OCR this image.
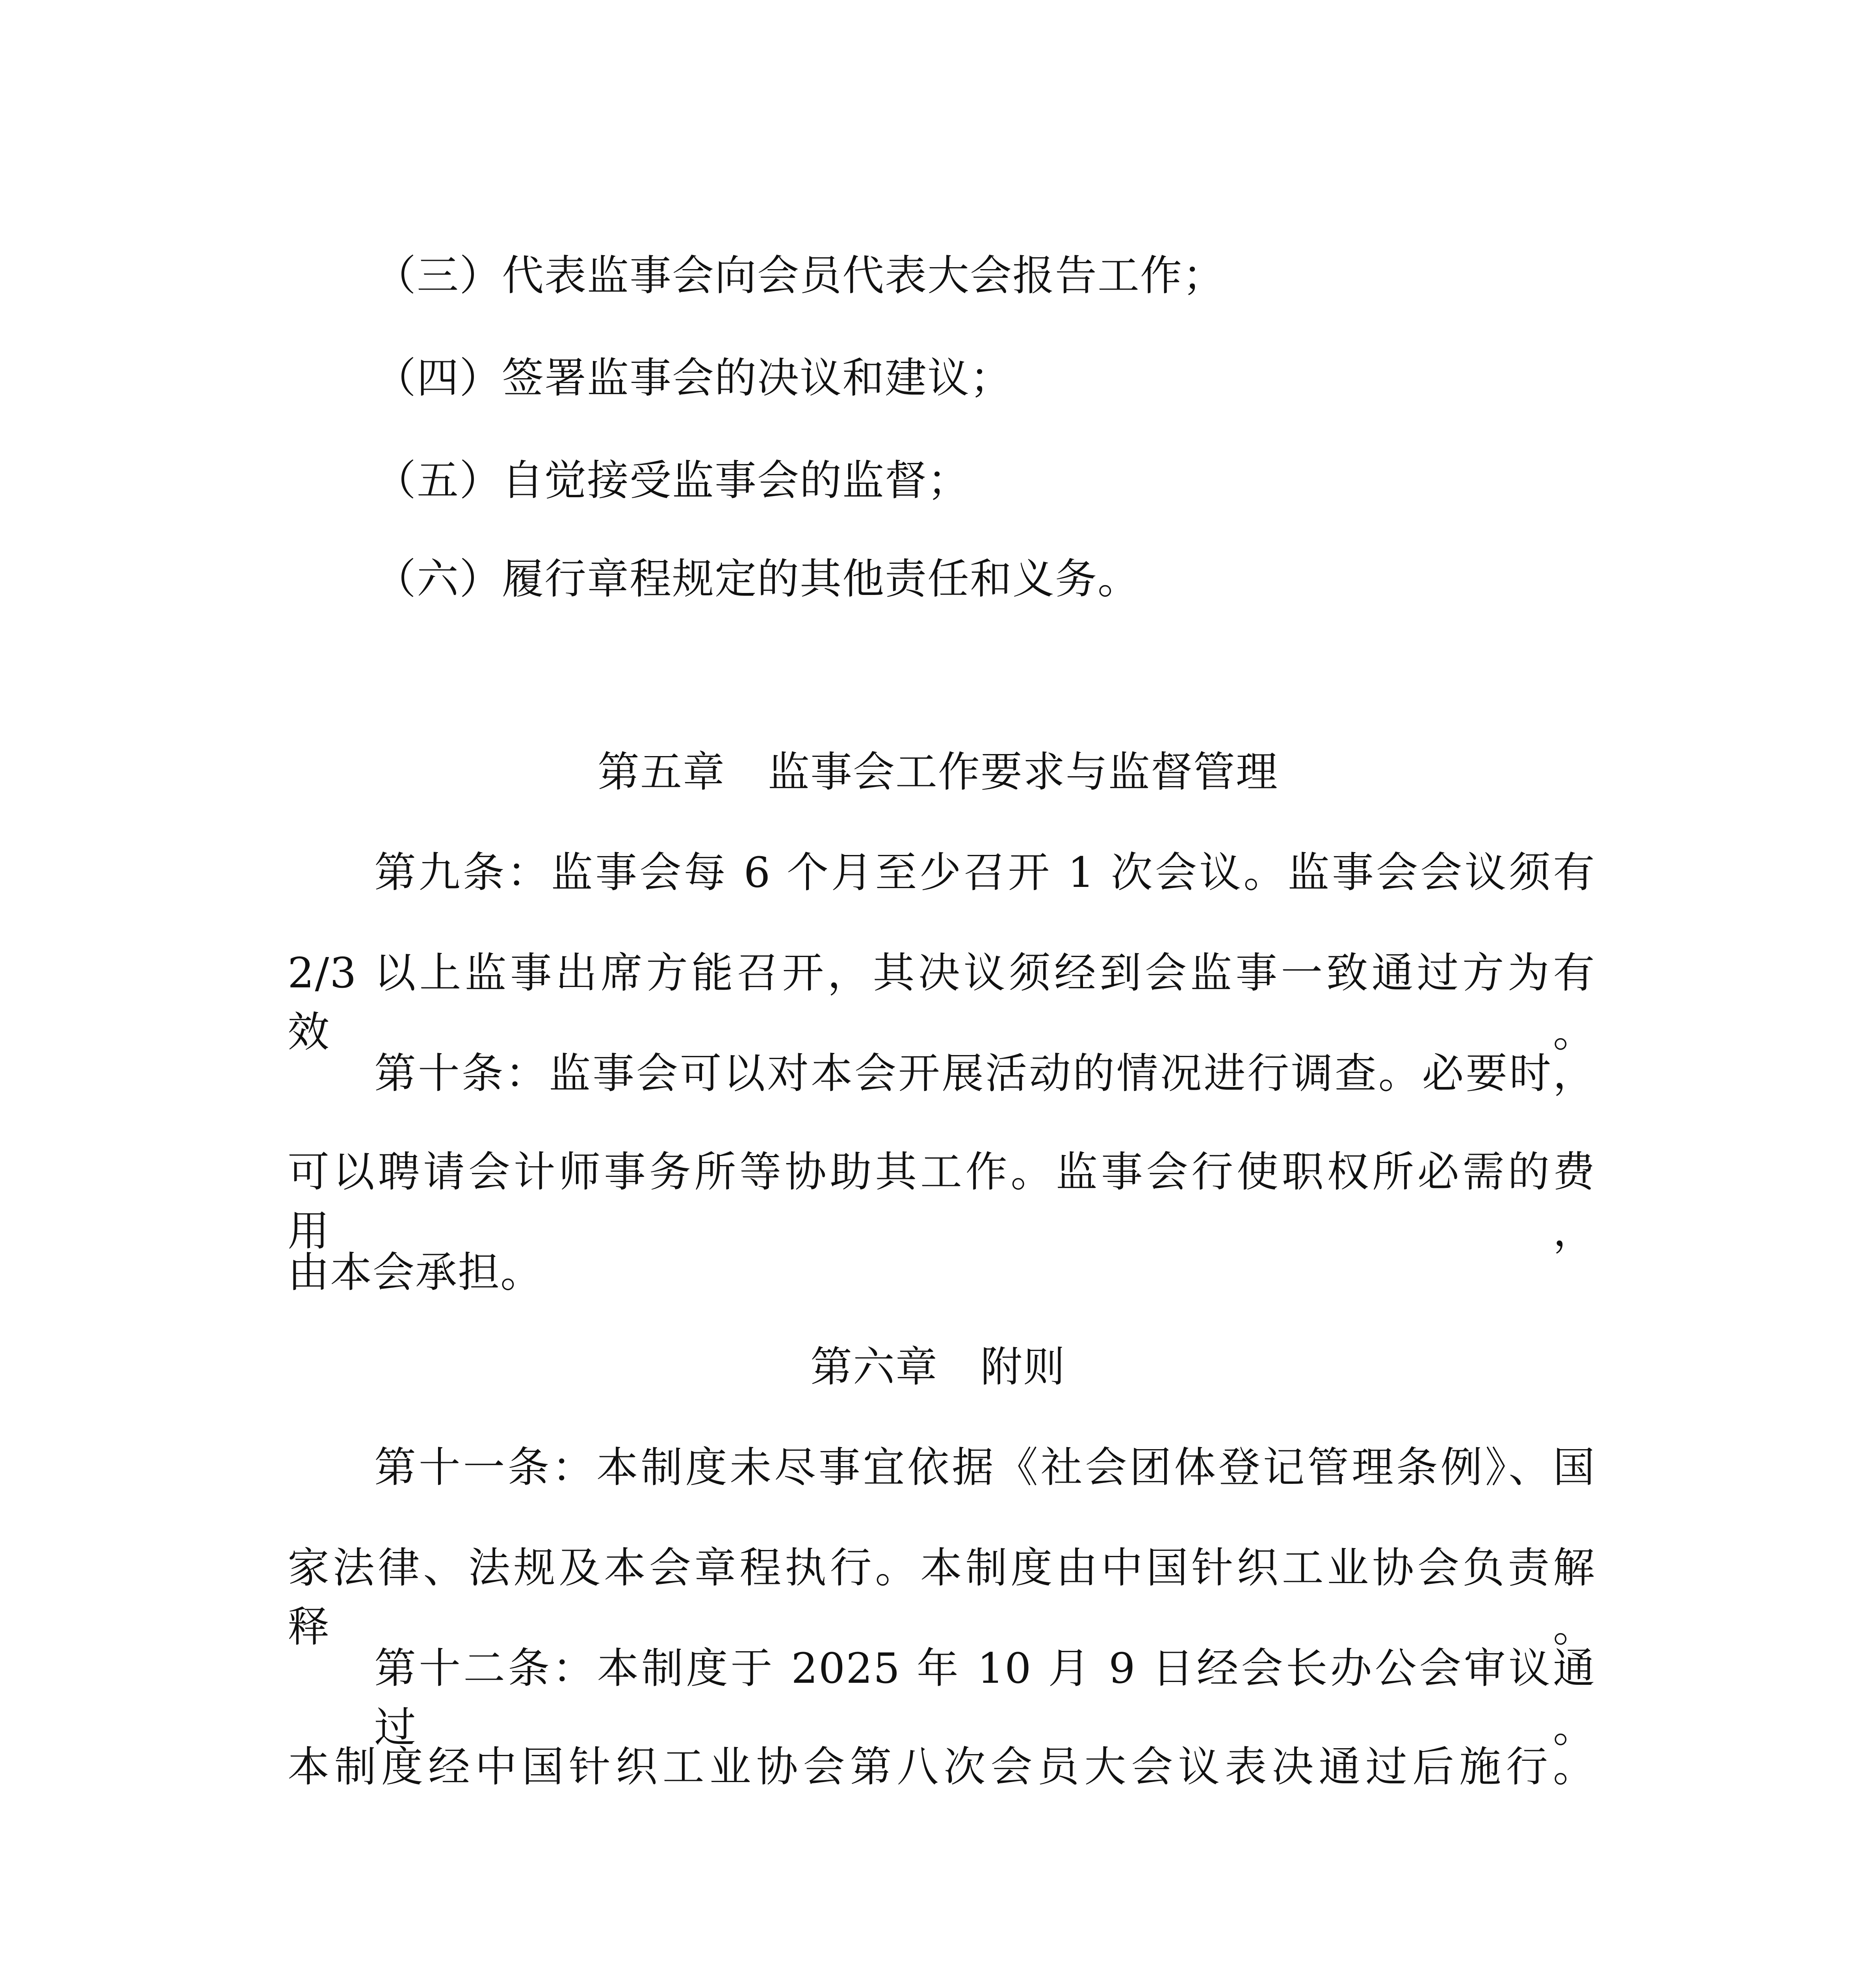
（三）代表监事会向会员代表大会报告工作；

（四）签署监事会的决议和建议；

（五）自觉接受监事会的监督；

（六）履行章程规定的其他责任和义务。

第五章　监事会工作要求与监督管理

第九条：监事会每 6 个月至少召开 1 次会议。监事会会议须有

2/3 以上监事出席方能召开，其决议须经到会监事一致通过方为有效。

第十条：监事会可以对本会开展活动的情况进行调查。必要时，

可以聘请会计师事务所等协助其工作。监事会行使职权所必需的费用，

由本会承担。

第六章　附则

第十一条：本制度未尽事宜依据《社会团体登记管理条例》、国

家法律、法规及本会章程执行。本制度由中国针织工业协会负责解释。

第十二条：本制度于 2025 年 10 月 9 日经会长办公会审议通过。

本制度经中国针织工业协会第八次会员大会议表决通过后施行。
